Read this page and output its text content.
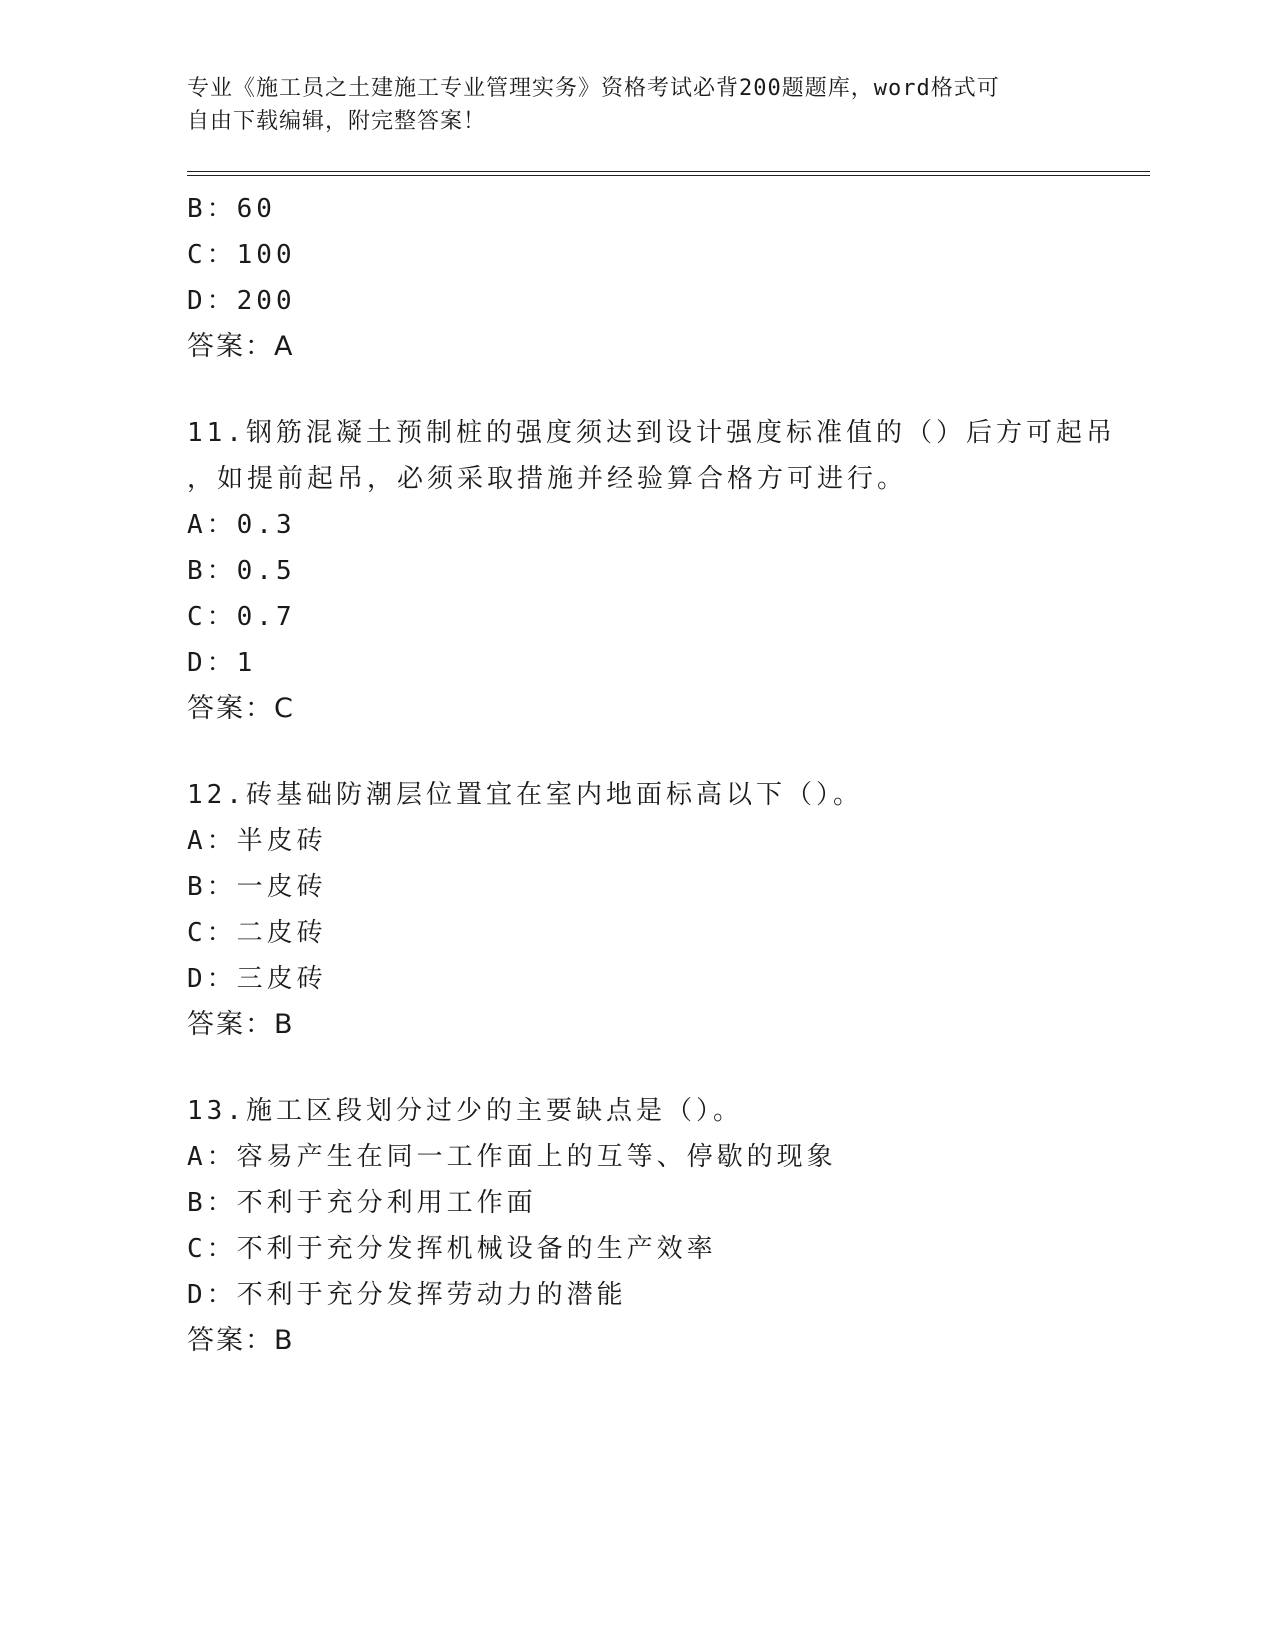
专业《施工员之土建施工专业管理实务》资格考试必背200题题库，word格式可
自由下载编辑，附完整答案！
B：60
C：100
D：200
答案：A
11.钢筋混凝土预制桩的强度须达到设计强度标准值的（）后方可起吊
，如提前起吊，必须采取措施并经验算合格方可进行。
A：0.3
B：0.5
C：0.7
D：1
答案：C
12.砖基础防潮层位置宜在室内地面标高以下（）。
A：半皮砖
B：一皮砖
C：二皮砖
D：三皮砖
答案：B
13.施工区段划分过少的主要缺点是（）。
A：容易产生在同一工作面上的互等、停歇的现象
B：不利于充分利用工作面
C：不利于充分发挥机械设备的生产效率
D：不利于充分发挥劳动力的潜能
答案：B
